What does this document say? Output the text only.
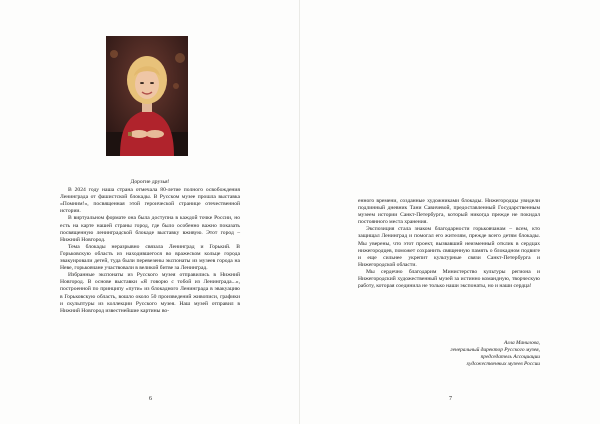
Дорогие друзья!

В 2024 году наша страна отмечала 80-летие полного освобождения Ленинграда от фашистской блокады. В Русском музее прошла выставка «Помним!», посвященная этой героической странице отечественной истории.

В виртуальном формате она была доступна в каждой точке России, но есть на карте нашей страны город, где было особенно важно показать посвященную ленинградской блокаде выставку вживую. Этот город – Нижний Новгород.

Тема блокады неразрывно связала Ленинград и Горький. В Горьковскую область из находившегося во вражеском кольце города эвакуировали детей, туда были перевезены экспонаты из музеев города на Неве, горьковчане участвовали в великой битве за Ленинград.

Избранные экспонаты из Русского музея отправились в Нижний Новгород. В основе выставки «Я говорю с тобой из Ленинграда...», построенной по принципу «пути» из блокадного Ленинграда в эвакуацию в Горьковскую область, вошло около 50 произведений живописи, графики и скульптуры из коллекции Русского музея. Наш музей отправил в Нижний Новгород известнейшие картины во-

6

енного времени, созданные художниками блокады. Нижегородцы увидели подлинный дневник Тани Савичевой, предоставленный Государственным музеем истории Санкт-Петербурга, который никогда прежде не покидал постоянного места хранения.

Экспозиция стала знаком благодарности горьковчанам – всем, кто защищал Ленинград и помогал его жителям, прежде всего детям блокады. Мы уверены, что этот проект, вызвавший неизменный отклик в сердцах нижегородцев, поможет сохранить священную память о блокадном подвиге и еще сильнее укрепит культурные связи Санкт-Петербурга и Нижегородской области.

Мы сердечно благодарим Министерство культуры региона и Нижегородский художественный музей за истинно командную, творческую работу, которая соединила не только наши экспонаты, но и наши сердца!

Алла Манилова,
генеральный директор Русского музея,
председатель Ассоциации
художественных музеев России
7
